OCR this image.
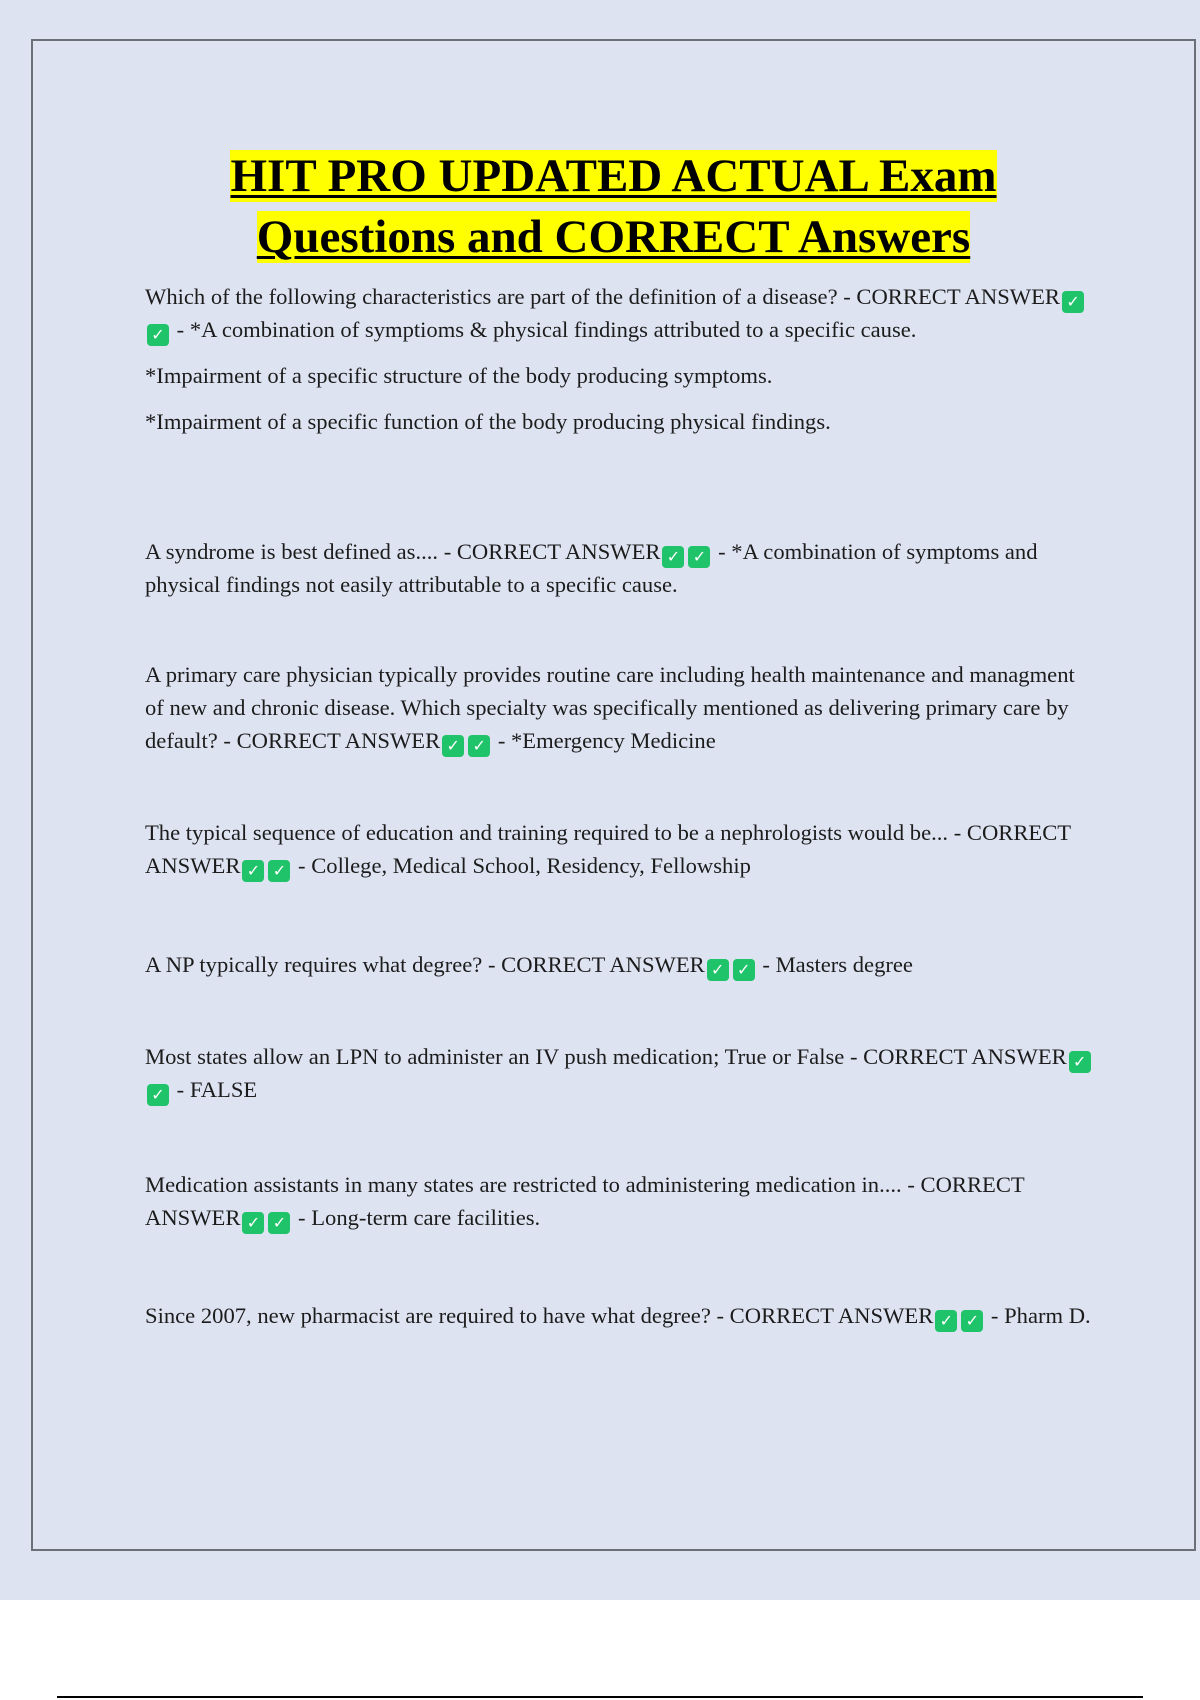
HIT PRO UPDATED ACTUAL Exam
Questions and CORRECT Answers

Which of the following characteristics are part of the definition of a disease? - CORRECT ANSWER ✓✓ - *A combination of symptioms & physical findings attributed to a specific cause.

*Impairment of a specific structure of the body producing symptoms.

*Impairment of a specific function of the body producing physical findings.

A syndrome is best defined as.... - CORRECT ANSWER ✓ ✓ - *A combination of symptoms and physical findings not easily attributable to a specific cause.

A primary care physician typically provides routine care including health maintenance and managment of new and chronic disease. Which specialty was specifically mentioned as delivering primary care by default? - CORRECT ANSWER ✓ ✓ - *Emergency Medicine

The typical sequence of education and training required to be a nephrologists would be... - CORRECT ANSWER ✓ ✓ - College, Medical School, Residency, Fellowship

A NP typically requires what degree? - CORRECT ANSWER ✓ ✓ - Masters degree

Most states allow an LPN to administer an IV push medication; True or False - CORRECT ANSWER ✓✓ - FALSE

Medication assistants in many states are restricted to administering medication in.... - CORRECT ANSWER ✓ ✓ - Long-term care facilities.

Since 2007, new pharmacist are required to have what degree? - CORRECT ANSWER ✓ ✓ - Pharm D.
